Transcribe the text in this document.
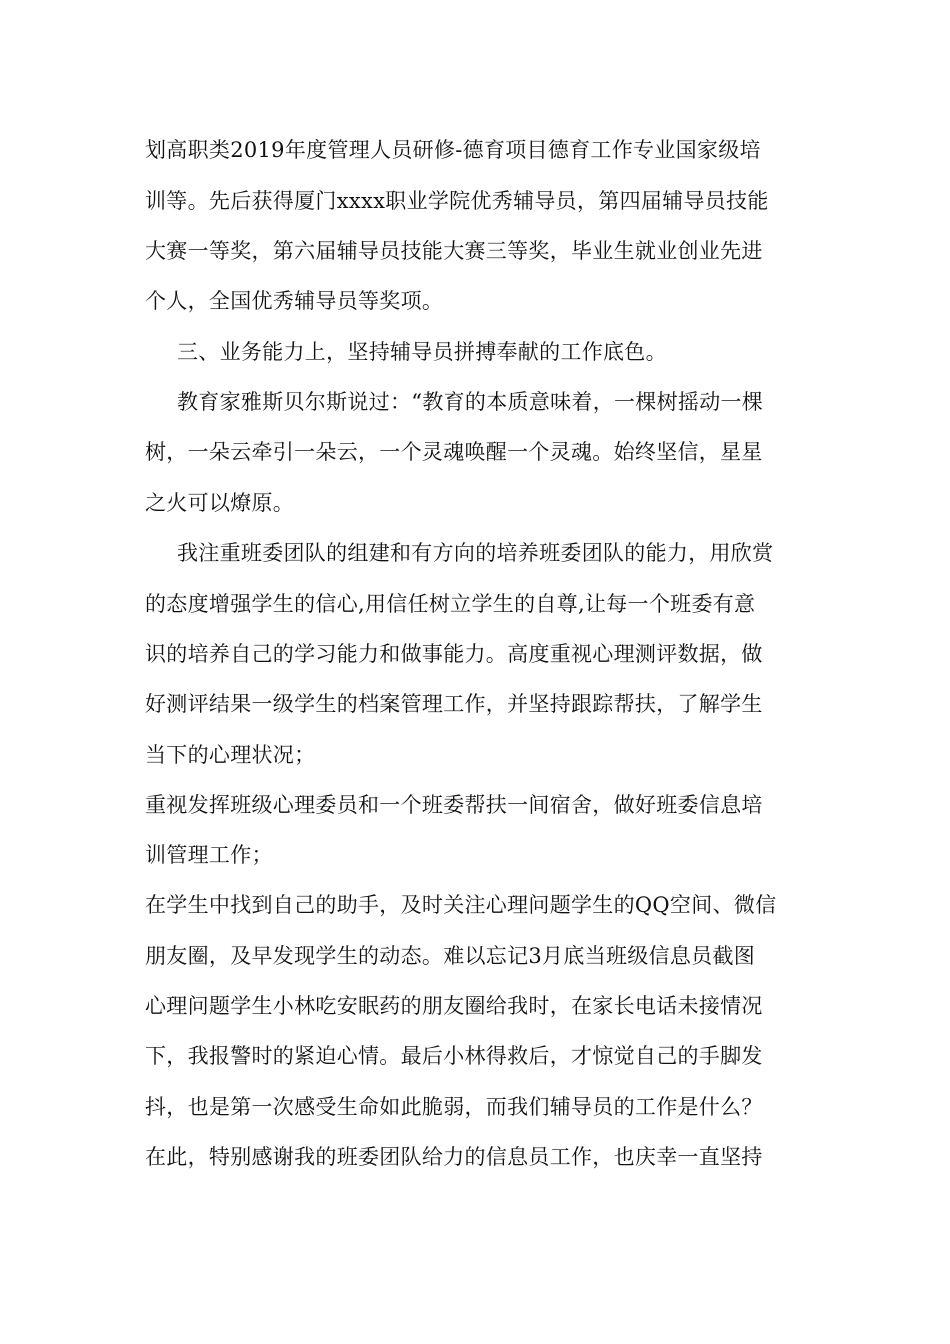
划高职类2019年度管理人员研修-德育项目德育工作专业国家级培
训等。先后获得厦门xxxx职业学院优秀辅导员，第四届辅导员技能
大赛一等奖，第六届辅导员技能大赛三等奖，毕业生就业创业先进
个人，全国优秀辅导员等奖项。
三、业务能力上，坚持辅导员拼搏奉献的工作底色。
教育家雅斯贝尔斯说过：“教育的本质意味着，一棵树摇动一棵
树，一朵云牵引一朵云，一个灵魂唤醒一个灵魂。始终坚信，星星
之火可以燎原。
我注重班委团队的组建和有方向的培养班委团队的能力，用欣赏
的态度增强学生的信心,用信任树立学生的自尊,让每一个班委有意
识的培养自己的学习能力和做事能力。高度重视心理测评数据，做
好测评结果一级学生的档案管理工作，并坚持跟踪帮扶，了解学生
当下的心理状况；
重视发挥班级心理委员和一个班委帮扶一间宿舍，做好班委信息培
训管理工作；
在学生中找到自己的助手，及时关注心理问题学生的QQ空间、微信
朋友圈，及早发现学生的动态。难以忘记3月底当班级信息员截图
心理问题学生小林吃安眠药的朋友圈给我时，在家长电话未接情况
下，我报警时的紧迫心情。最后小林得救后，才惊觉自己的手脚发
抖，也是第一次感受生命如此脆弱，而我们辅导员的工作是什么？
在此，特别感谢我的班委团队给力的信息员工作，也庆幸一直坚持
